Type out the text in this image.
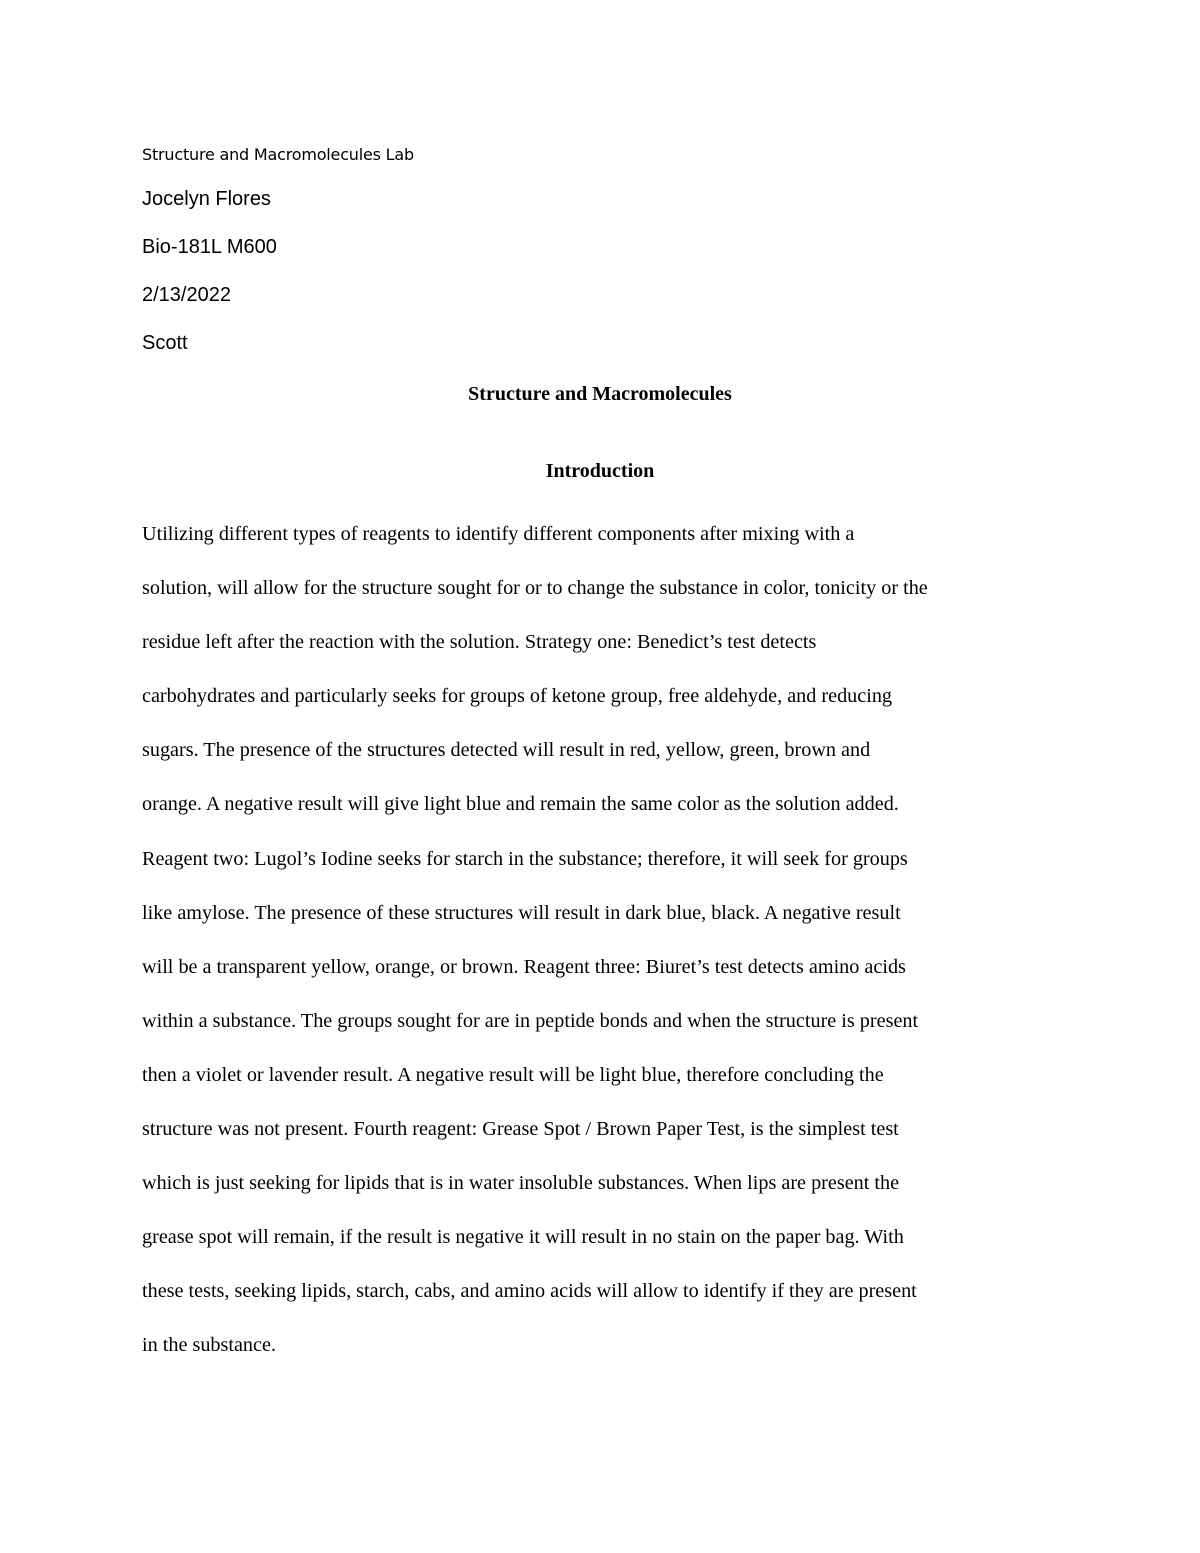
Structure and Macromolecules Lab
Jocelyn Flores
Bio-181L M600
2/13/2022
Scott
Structure and Macromolecules
Introduction
Utilizing different types of reagents to identify different components after mixing with a
solution, will allow for the structure sought for or to change the substance in color, tonicity or the
residue left after the reaction with the solution. Strategy one: Benedict’s test detects
carbohydrates and particularly seeks for groups of ketone group, free aldehyde, and reducing
sugars. The presence of the structures detected will result in red, yellow, green, brown and
orange. A negative result will give light blue and remain the same color as the solution added.
Reagent two: Lugol’s Iodine seeks for starch in the substance; therefore, it will seek for groups
like amylose. The presence of these structures will result in dark blue, black. A negative result
will be a transparent yellow, orange, or brown. Reagent three: Biuret’s test detects amino acids
within a substance. The groups sought for are in peptide bonds and when the structure is present
then a violet or lavender result. A negative result will be light blue, therefore concluding the
structure was not present. Fourth reagent: Grease Spot / Brown Paper Test, is the simplest test
which is just seeking for lipids that is in water insoluble substances. When lips are present the
grease spot will remain, if the result is negative it will result in no stain on the paper bag. With
these tests, seeking lipids, starch, cabs, and amino acids will allow to identify if they are present
in the substance.
